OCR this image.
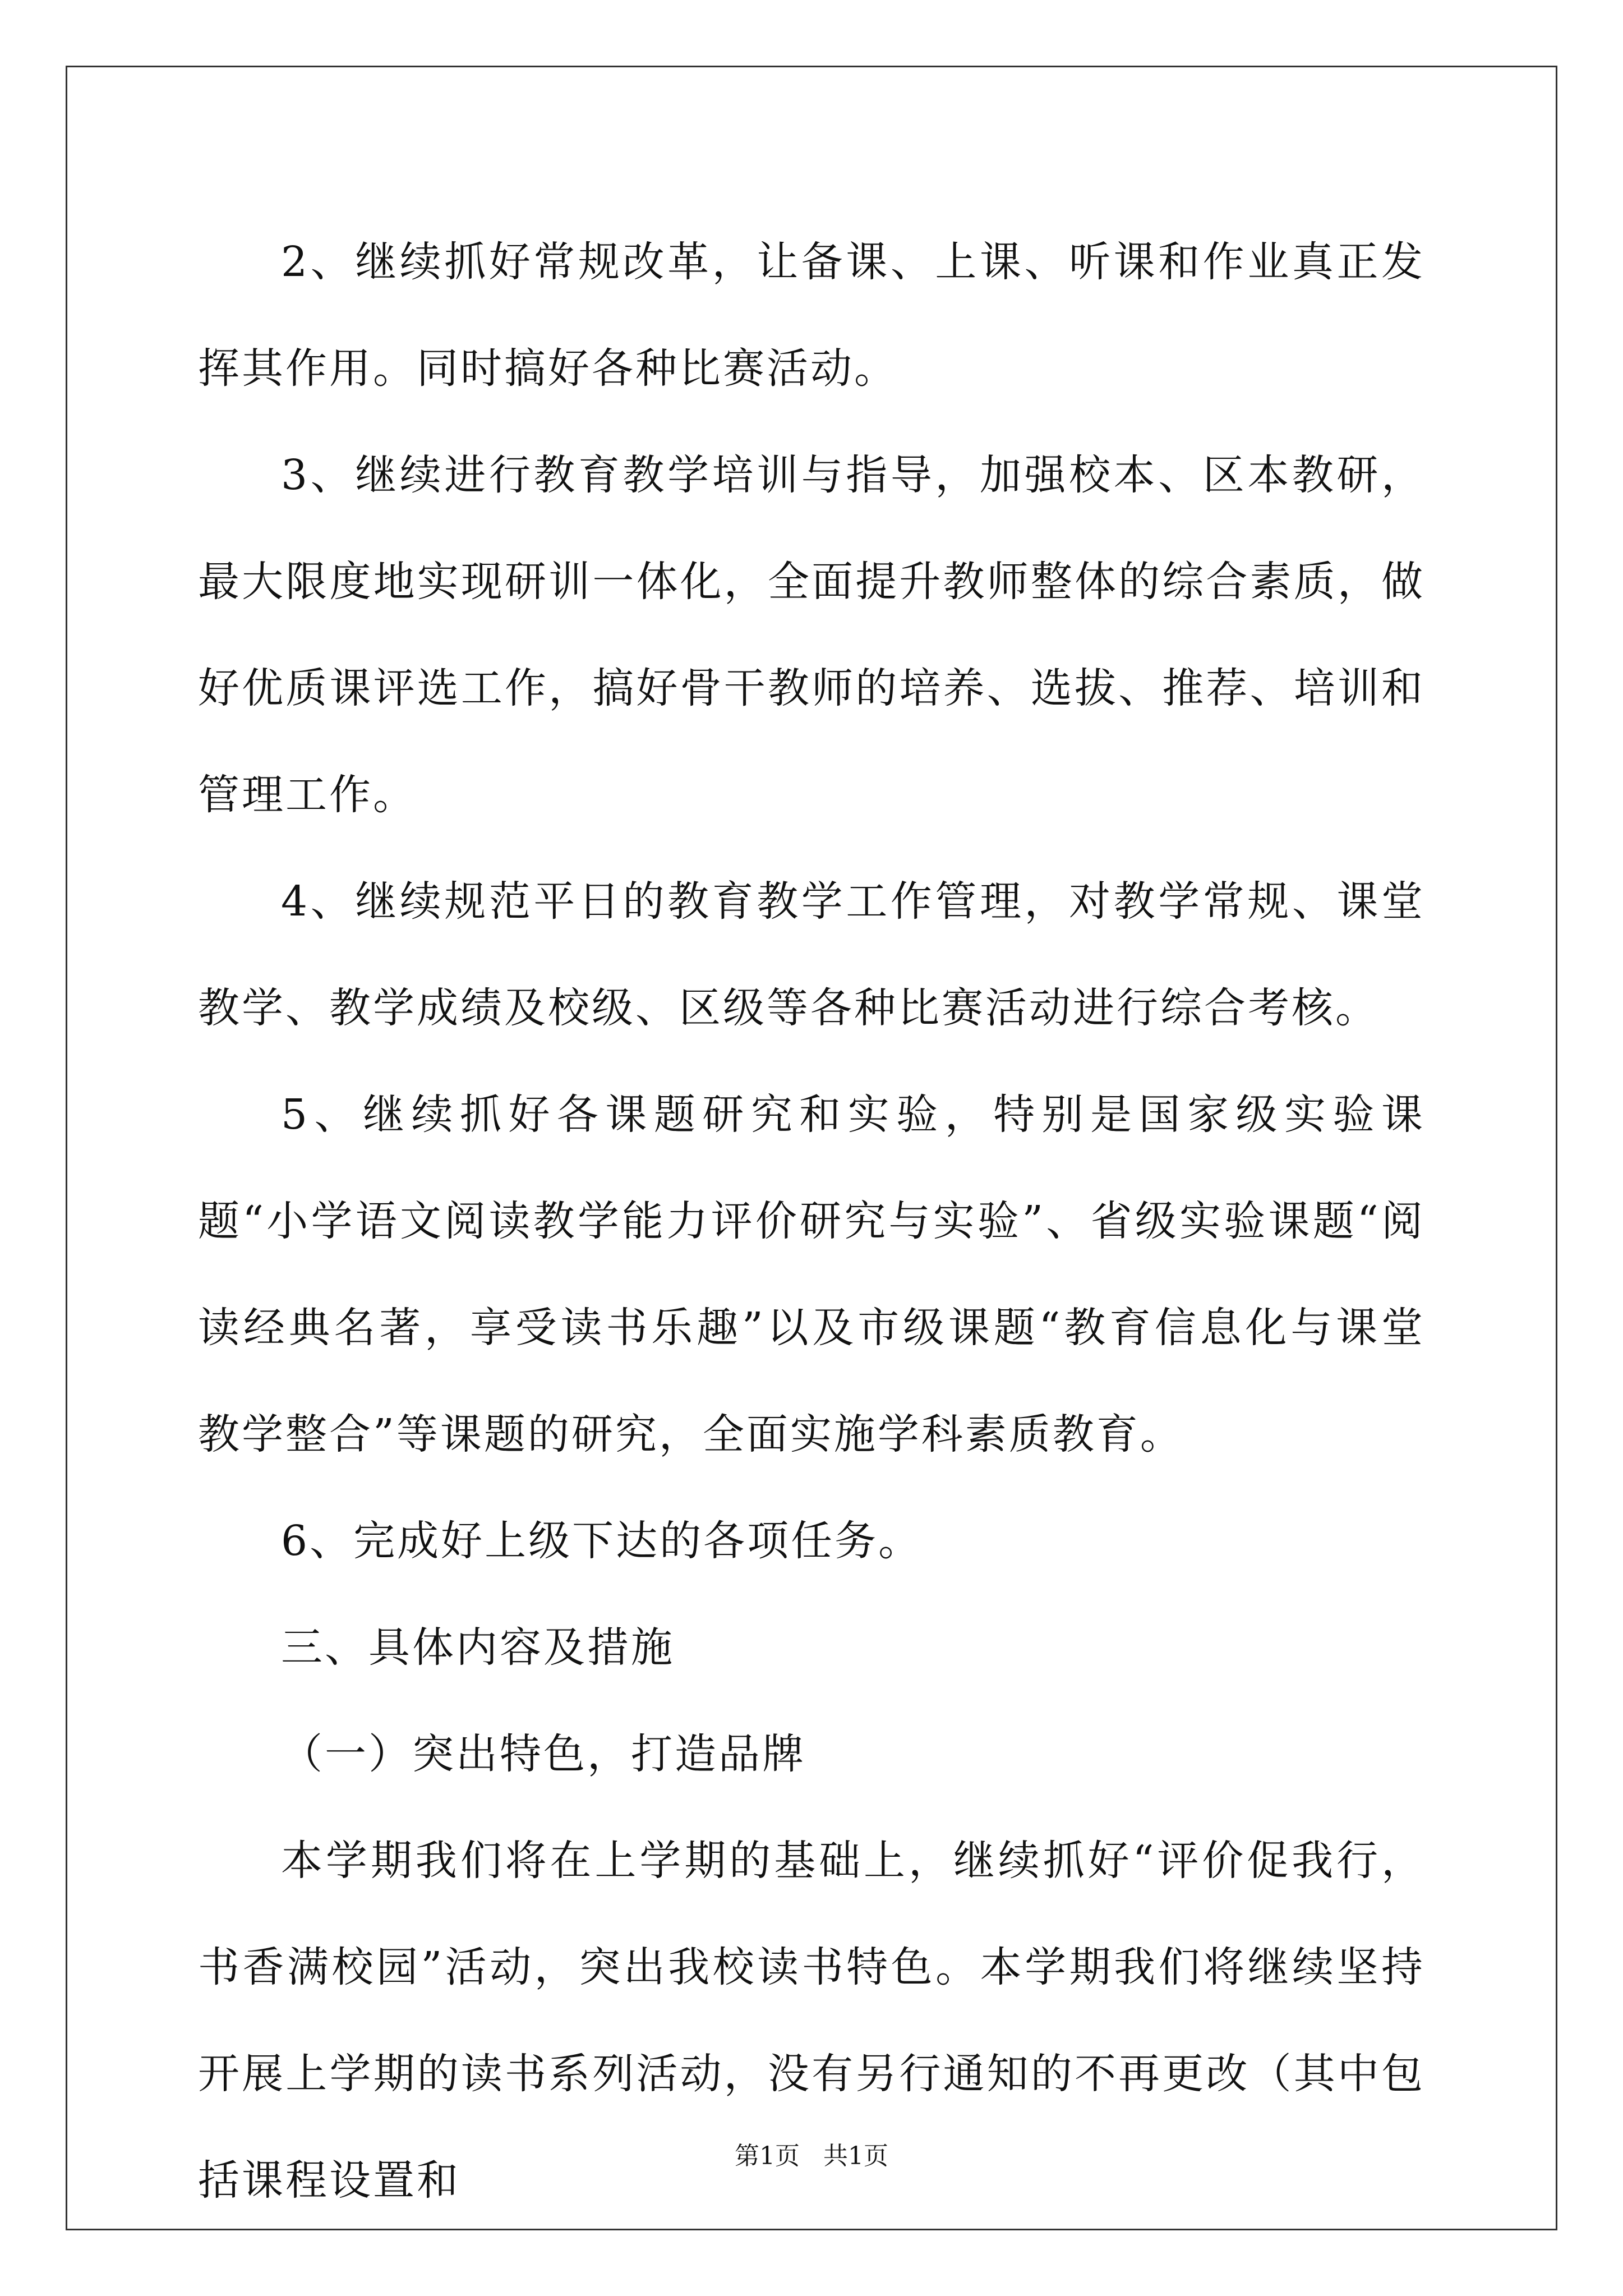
2、继续抓好常规改革，让备课、上课、听课和作业真正发挥其作用。同时搞好各种比赛活动。

3、继续进行教育教学培训与指导，加强校本、区本教研，最大限度地实现研训一体化，全面提升教师整体的综合素质，做好优质课评选工作，搞好骨干教师的培养、选拔、推荐、培训和管理工作。

4、继续规范平日的教育教学工作管理，对教学常规、课堂教学、教学成绩及校级、区级等各种比赛活动进行综合考核。

5、继续抓好各课题研究和实验，特别是国家级实验课题“小学语文阅读教学能力评价研究与实验”、省级实验课题“阅读经典名著，享受读书乐趣”以及市级课题“教育信息化与课堂教学整合”等课题的研究，全面实施学科素质教育。

6、完成好上级下达的各项任务。

三、具体内容及措施

（一）突出特色，打造品牌

本学期我们将在上学期的基础上，继续抓好“评价促我行，书香满校园”活动，突出我校读书特色。本学期我们将继续坚持开展上学期的读书系列活动，没有另行通知的不再更改（其中包括课程设置和

第1页   共1页
